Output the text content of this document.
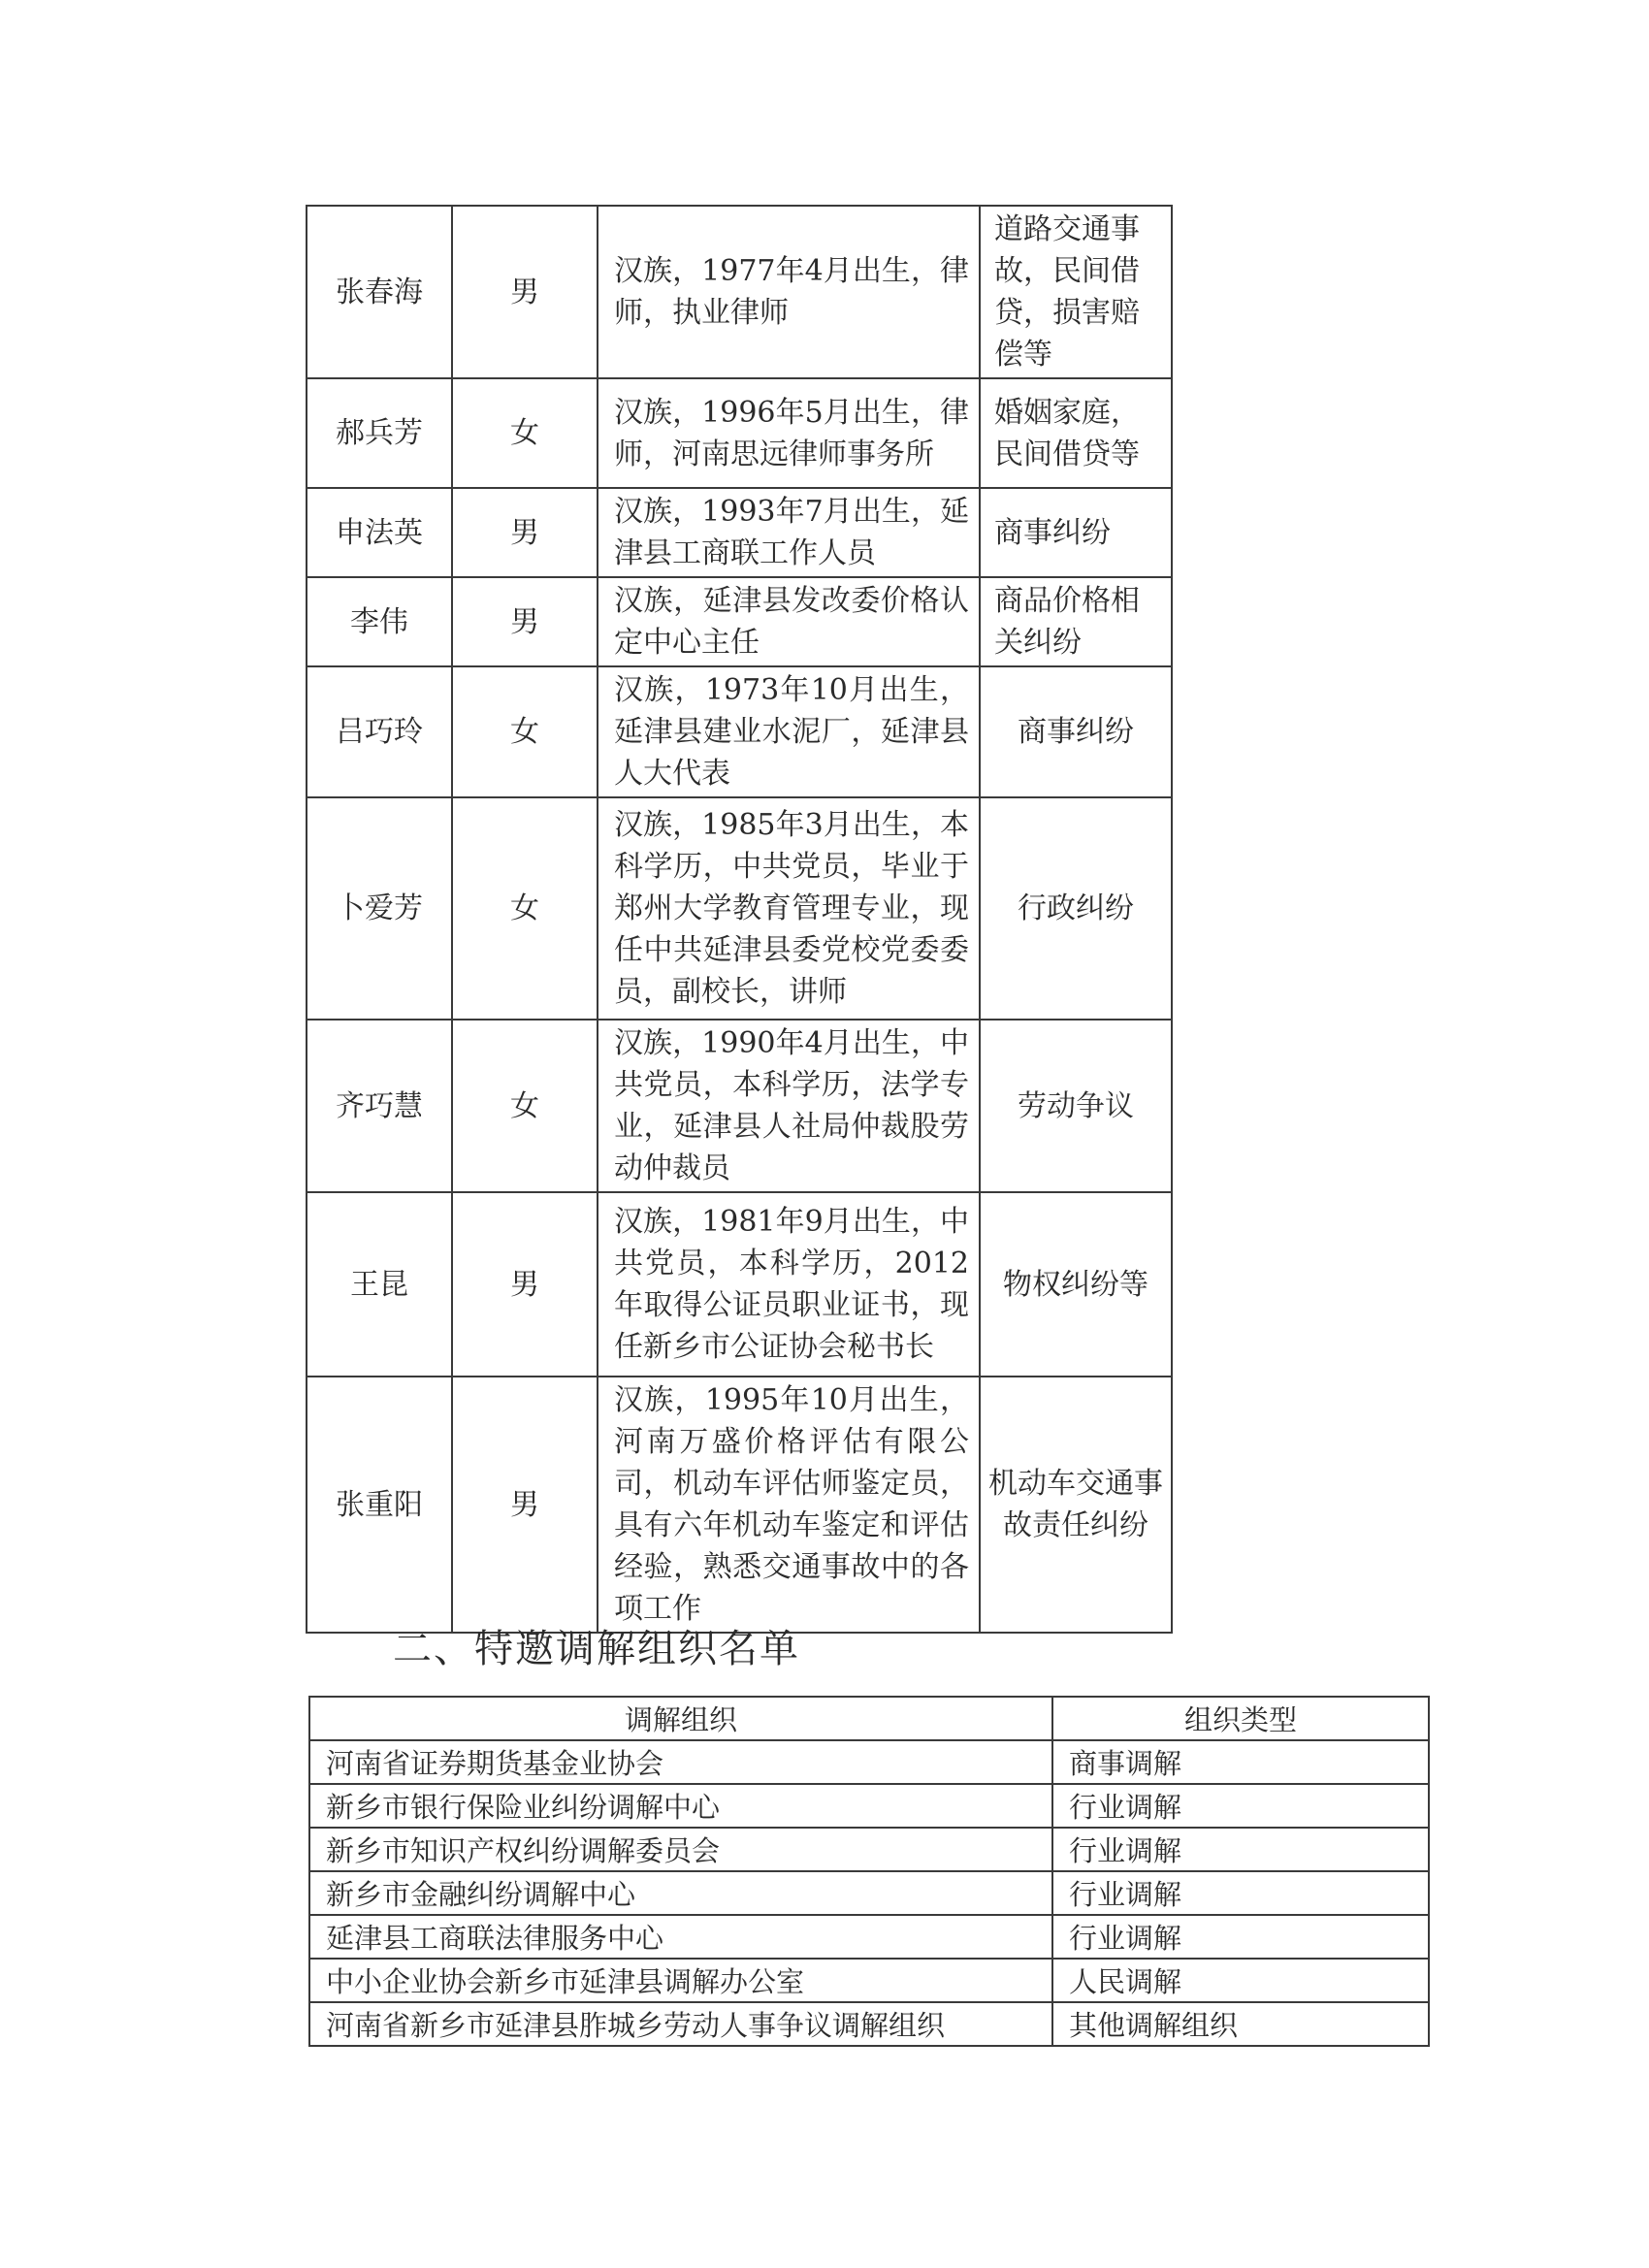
张春海	男	汉族，1977年4月出生，律师，执业律师	道路交通事故，民间借贷，损害赔偿等
郝兵芳	女	汉族，1996年5月出生，律师，河南思远律师事务所	婚姻家庭，民间借贷等
申法英	男	汉族，1993年7月出生，延津县工商联工作人员	商事纠纷
李伟	男	汉族，延津县发改委价格认定中心主任	商品价格相关纠纷
吕巧玲	女	汉族，1973年10月出生，延津县建业水泥厂，延津县人大代表	商事纠纷
卜爱芳	女	汉族，1985年3月出生，本科学历，中共党员，毕业于郑州大学教育管理专业，现任中共延津县委党校党委委员，副校长，讲师	行政纠纷
齐巧慧	女	汉族，1990年4月出生，中共党员，本科学历，法学专业，延津县人社局仲裁股劳动仲裁员	劳动争议
王昆	男	汉族，1981年9月出生，中共党员，本科学历，2012年取得公证员职业证书，现任新乡市公证协会秘书长	物权纠纷等
张重阳	男	汉族，1995年10月出生，河南万盛价格评估有限公司，机动车评估师鉴定员，具有六年机动车鉴定和评估经验，熟悉交通事故中的各项工作	机动车交通事故责任纠纷
二、特邀调解组织名单
调解组织	组织类型
河南省证券期货基金业协会	商事调解
新乡市银行保险业纠纷调解中心	行业调解
新乡市知识产权纠纷调解委员会	行业调解
新乡市金融纠纷调解中心	行业调解
延津县工商联法律服务中心	行业调解
中小企业协会新乡市延津县调解办公室	人民调解
河南省新乡市延津县胙城乡劳动人事争议调解组织	其他调解组织
